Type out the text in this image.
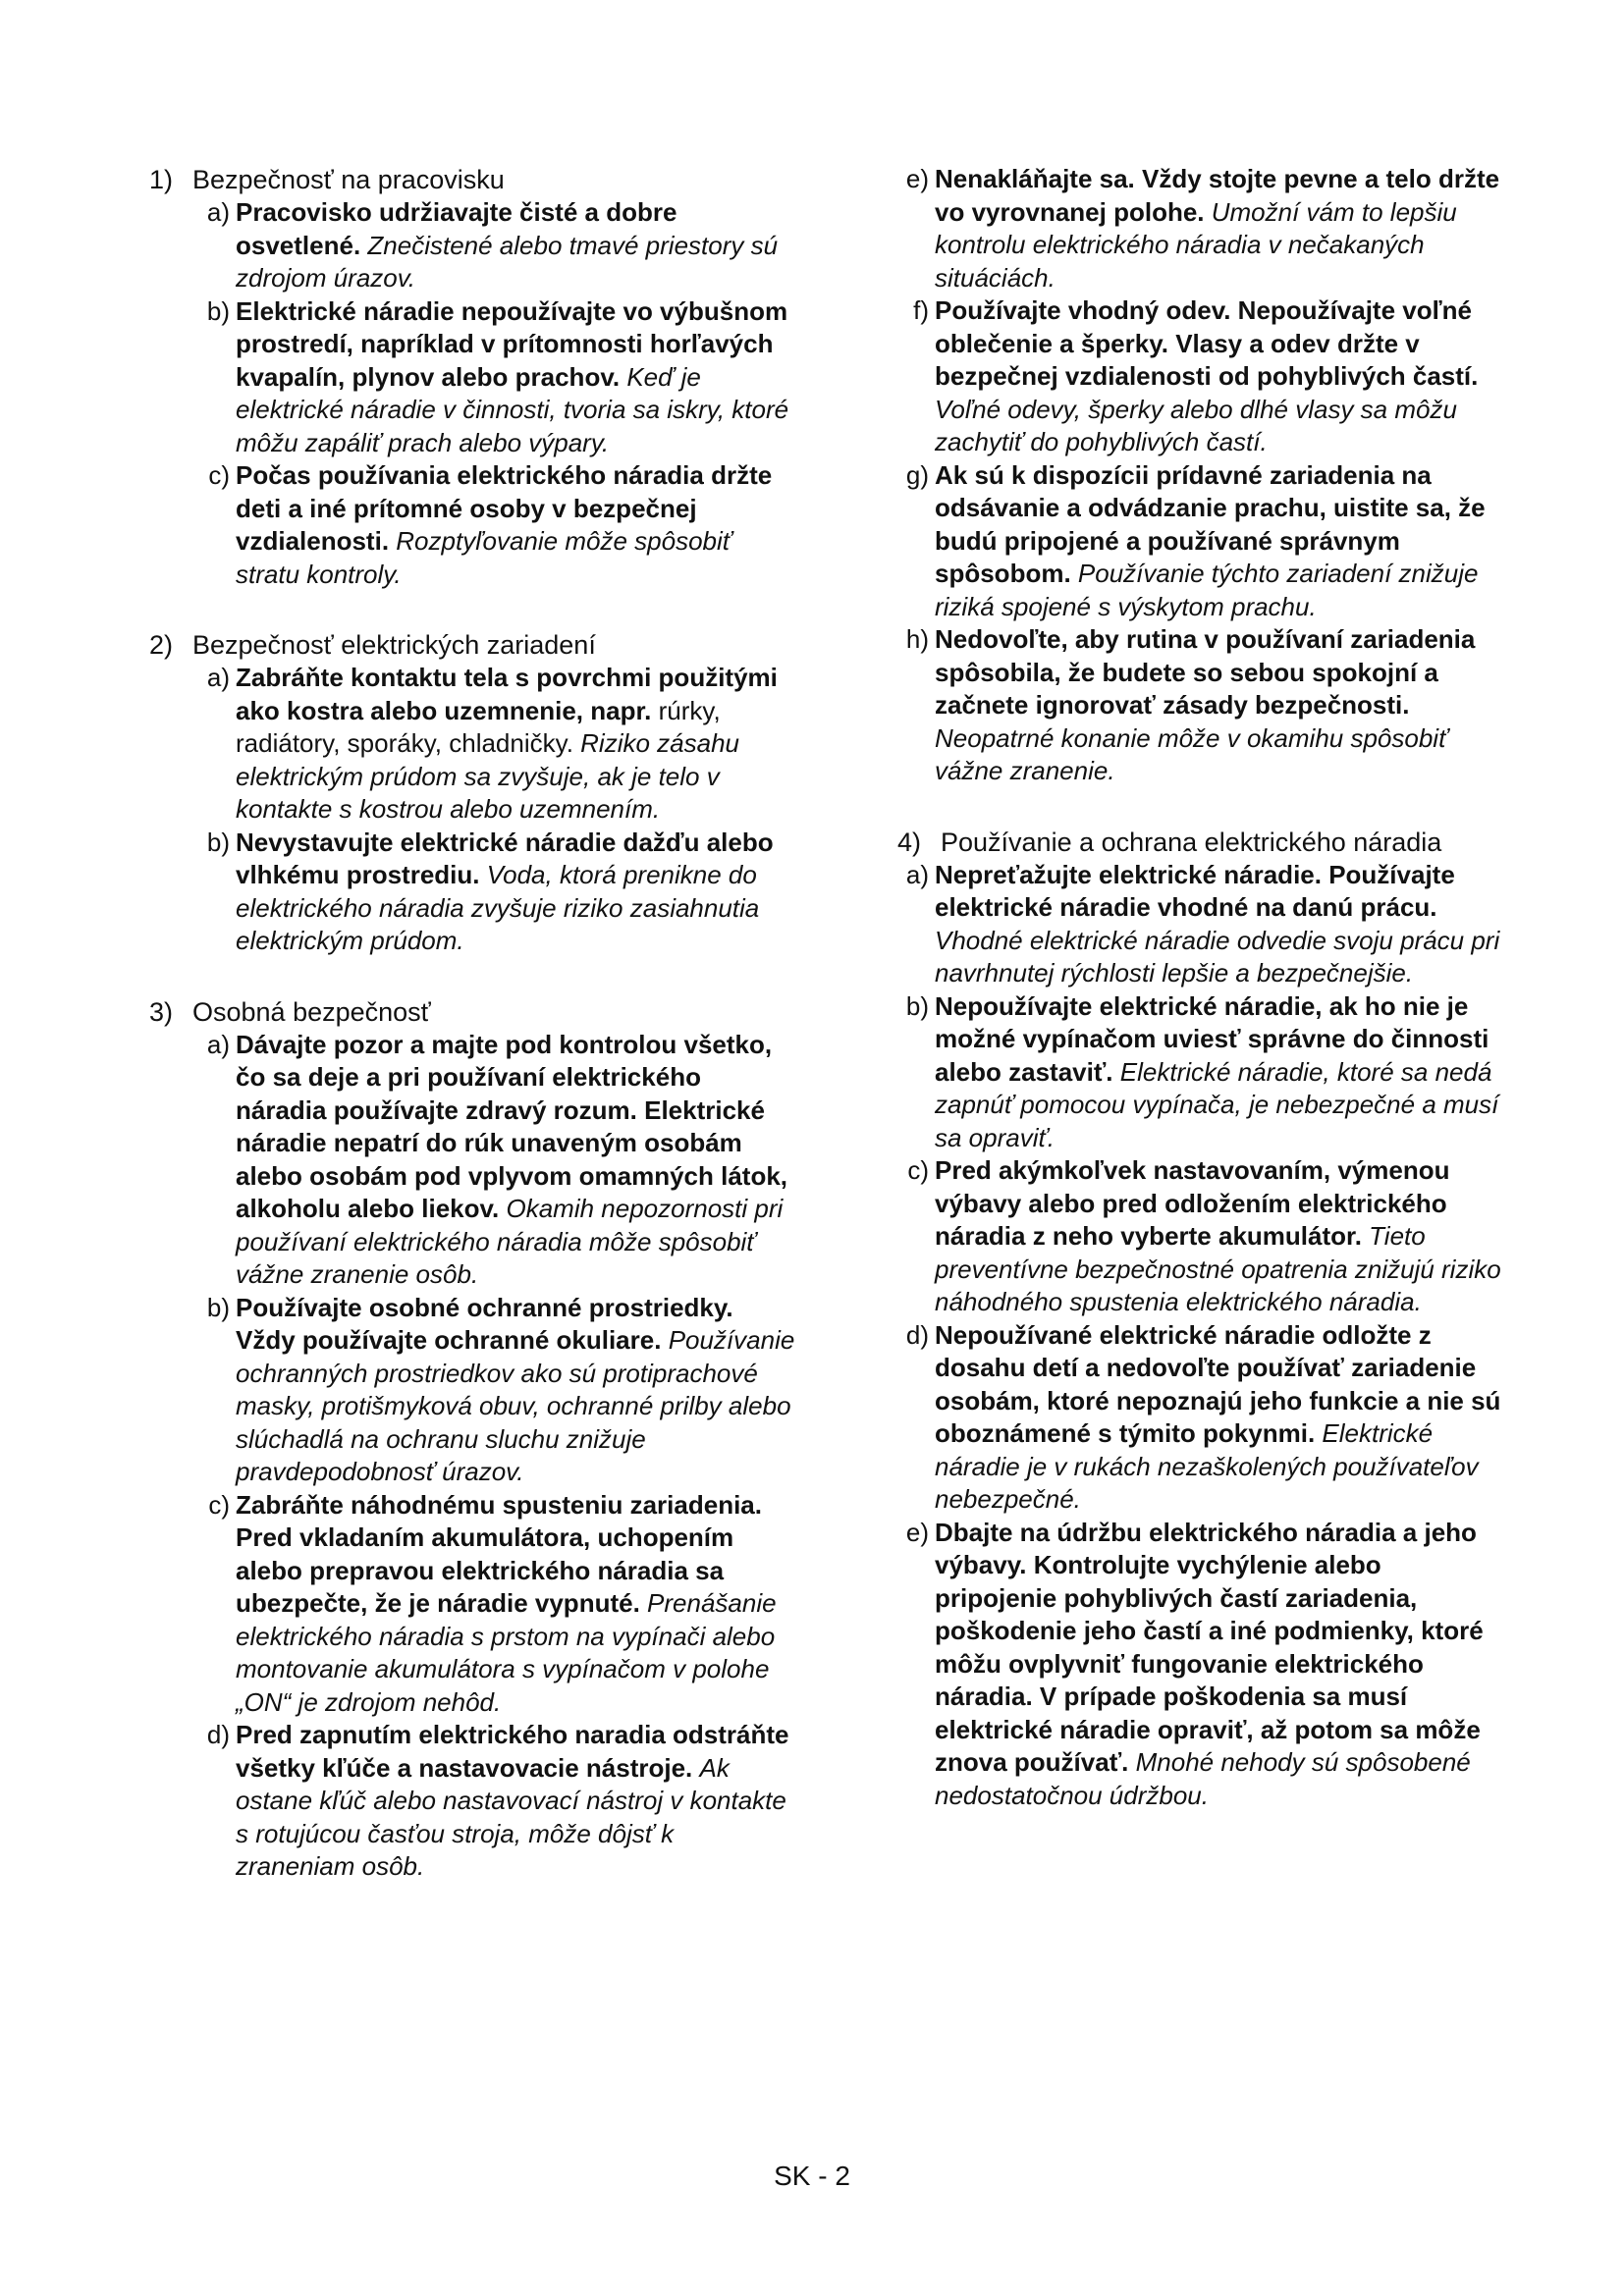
1) Bezpečnosť na pracovisku
a) Pracovisko udržiavajte čisté a dobre osvetlené. Znečistené alebo tmavé priestory sú zdrojom úrazov.
b) Elektrické náradie nepoužívajte vo výbušnom prostredí, napríklad v prítomnosti horľavých kvapalín, plynov alebo prachov. Keď je elektrické náradie v činnosti, tvoria sa iskry, ktoré môžu zapáliť prach alebo výpary.
c) Počas používania elektrického náradia držte deti a iné prítomné osoby v bezpečnej vzdialenosti. Rozptyľovanie môže spôsobiť stratu kontroly.
2) Bezpečnosť elektrických zariadení
a) Zabráňte kontaktu tela s povrchmi použitými ako kostra alebo uzemnenie, napr. rúrky, radiátory, sporáky, chladničky. Riziko zásahu elektrickým prúdom sa zvyšuje, ak je telo v kontakte s kostrou alebo uzemnením.
b) Nevystavujte elektrické náradie dažďu alebo vlhkému prostrediu. Voda, ktorá prenikne do elektrického náradia zvyšuje riziko zasiahnutia elektrickým prúdom.
3) Osobná bezpečnosť
a) Dávajte pozor a majte pod kontrolou všetko, čo sa deje a pri používaní elektrického náradia používajte zdravý rozum. Elektrické náradie nepatrí do rúk unaveným osobám alebo osobám pod vplyvom omamných látok, alkoholu alebo liekov. Okamih nepozornosti pri používaní elektrického náradia môže spôsobiť vážne zranenie osôb.
b) Používajte osobné ochranné prostriedky. Vždy používajte ochranné okuliare. Používanie ochranných prostriedkov ako sú protiprachové masky, protišmyková obuv, ochranné prilby alebo slúchadlá na ochranu sluchu znižuje pravdepodobnosť úrazov.
c) Zabráňte náhodnému spusteniu zariadenia. Pred vkladaním akumulátora, uchopením alebo prepravou elektrického náradia sa ubezpečte, že je náradie vypnuté. Prenášanie elektrického náradia s prstom na vypínači alebo montovanie akumulátora s vypínačom v polohe „ON“ je zdrojom nehôd.
d) Pred zapnutím elektrického naradia odstráňte všetky kľúče a nastavovacie nástroje. Ak ostane kľúč alebo nastavovací nástroj v kontakte s rotujúcou časťou stroja, môže dôjsť k zraneniam osôb.
e) Nenakláňajte sa. Vždy stojte pevne a telo držte vo vyrovnanej polohe. Umožní vám to lepšiu kontrolu elektrického náradia v nečakaných situáciách.
f) Používajte vhodný odev. Nepoužívajte voľné oblečenie a šperky. Vlasy a odev držte v bezpečnej vzdialenosti od pohyblivých častí. Voľné odevy, šperky alebo dlhé vlasy sa môžu zachytiť do pohyblivých častí.
g) Ak sú k dispozícii prídavné zariadenia na odsávanie a odvádzanie prachu, uistite sa, že budú pripojené a používané správnym spôsobom. Používanie týchto zariadení znižuje riziká spojené s výskytom prachu.
h) Nedovoľte, aby rutina v používaní zariadenia spôsobila, že budete so sebou spokojní a začnete ignorovať zásady bezpečnosti. Neopatrné konanie môže v okamihu spôsobiť vážne zranenie.
4) Používanie a ochrana elektrického náradia
a) Nepreťažujte elektrické náradie. Používajte elektrické náradie vhodné na danú prácu. Vhodné elektrické náradie odvedie svoju prácu pri navrhnutej rýchlosti lepšie a bezpečnejšie.
b) Nepoužívajte elektrické náradie, ak ho nie je možné vypínačom uviesť správne do činnosti alebo zastaviť. Elektrické náradie, ktoré sa nedá zapnúť pomocou vypínača, je nebezpečné a musí sa opraviť.
c) Pred akýmkoľvek nastavovaním, výmenou výbavy alebo pred odložením elektrického náradia z neho vyberte akumulátor. Tieto preventívne bezpečnostné opatrenia znižujú riziko náhodného spustenia elektrického náradia.
d) Nepoužívané elektrické náradie odložte z dosahu detí a nedovoľte používať zariadenie osobám, ktoré nepoznajú jeho funkcie a nie sú oboznámené s týmito pokynmi. Elektrické náradie je v rukách nezaškolených používateľov nebezpečné.
e) Dbajte na údržbu elektrického náradia a jeho výbavy. Kontrolujte vychýlenie alebo pripojenie pohyblivých častí zariadenia, poškodenie jeho častí a iné podmienky, ktoré môžu ovplyvniť fungovanie elektrického náradia. V prípade poškodenia sa musí elektrické náradie opraviť, až potom sa môže znova používať. Mnohé nehody sú spôsobené nedostatočnou údržbou.
SK - 2
